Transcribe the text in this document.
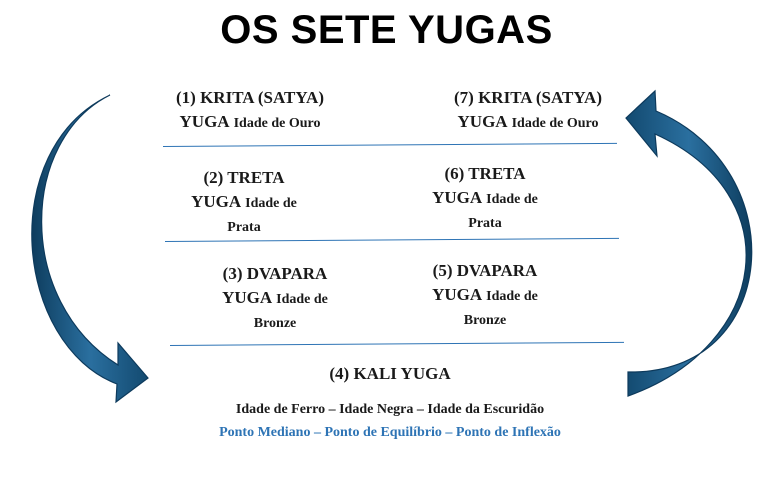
OS SETE YUGAS
(1) KRITA (SATYA)
YUGA Idade de Ouro
(7) KRITA (SATYA)
YUGA Idade de Ouro
(2) TRETA
YUGA Idade de
Prata
(6) TRETA
YUGA Idade de
Prata
(3) DVAPARA
YUGA Idade de
Bronze
(5) DVAPARA
YUGA Idade de
Bronze
(4) KALI YUGA
Idade de Ferro – Idade Negra – Idade da Escuridão
Ponto Mediano – Ponto de Equilíbrio – Ponto de Inflexão
